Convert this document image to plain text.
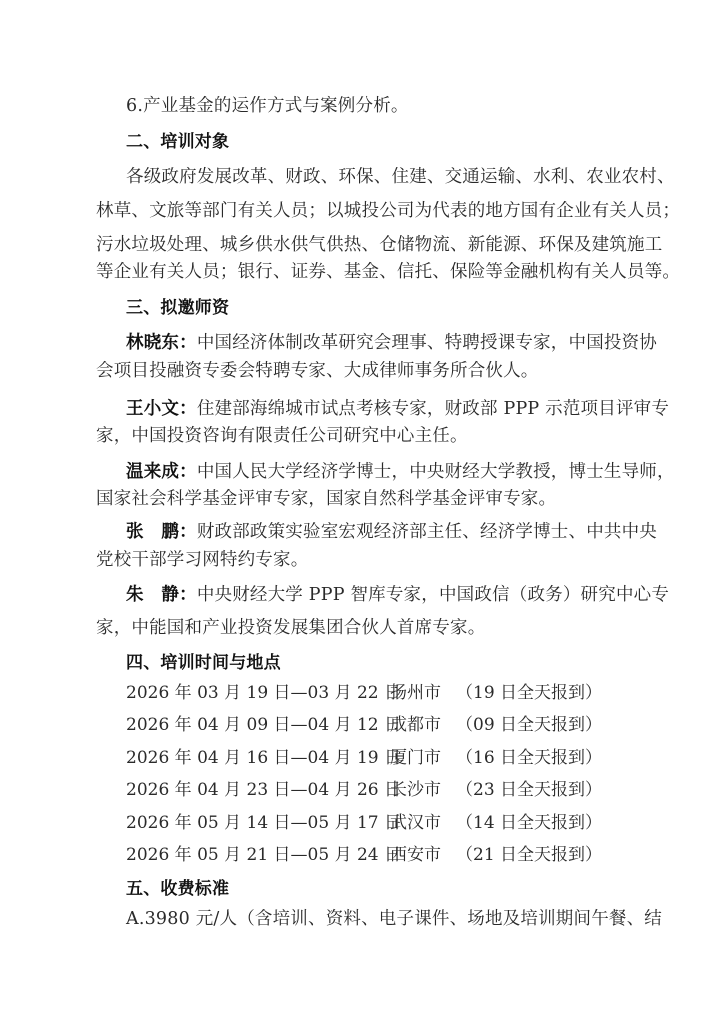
6.产业基金的运作方式与案例分析。
二、培训对象
各级政府发展改革、财政、环保、住建、交通运输、水利、农业农村、
林草、文旅等部门有关人员；以城投公司为代表的地方国有企业有关人员；
污水垃圾处理、城乡供水供气供热、仓储物流、新能源、环保及建筑施工
等企业有关人员；银行、证券、基金、信托、保险等金融机构有关人员等。
三、拟邀师资
林晓东：中国经济体制改革研究会理事、特聘授课专家，中国投资协
会项目投融资专委会特聘专家、大成律师事务所合伙人。
王小文：住建部海绵城市试点考核专家，财政部 PPP 示范项目评审专
家，中国投资咨询有限责任公司研究中心主任。
温来成：中国人民大学经济学博士，中央财经大学教授，博士生导师，
国家社会科学基金评审专家，国家自然科学基金评审专家。
张　鹏：财政部政策实验室宏观经济部主任、经济学博士、中共中央
党校干部学习网特约专家。
朱　静：中央财经大学 PPP 智库专家，中国政信（政务）研究中心专
家，中能国和产业投资发展集团合伙人首席专家。
四、培训时间与地点
2026 年 03 月 19 日—03 月 22 日扬州市 （19 日全天报到）
2026 年 04 月 09 日—04 月 12 日成都市 （09 日全天报到）
2026 年 04 月 16 日—04 月 19 日厦门市 （16 日全天报到）
2026 年 04 月 23 日—04 月 26 日长沙市 （23 日全天报到）
2026 年 05 月 14 日—05 月 17 日武汉市 （14 日全天报到）
2026 年 05 月 21 日—05 月 24 日西安市 （21 日全天报到）
五、收费标准
A.3980 元/人（含培训、资料、电子课件、场地及培训期间午餐、结
